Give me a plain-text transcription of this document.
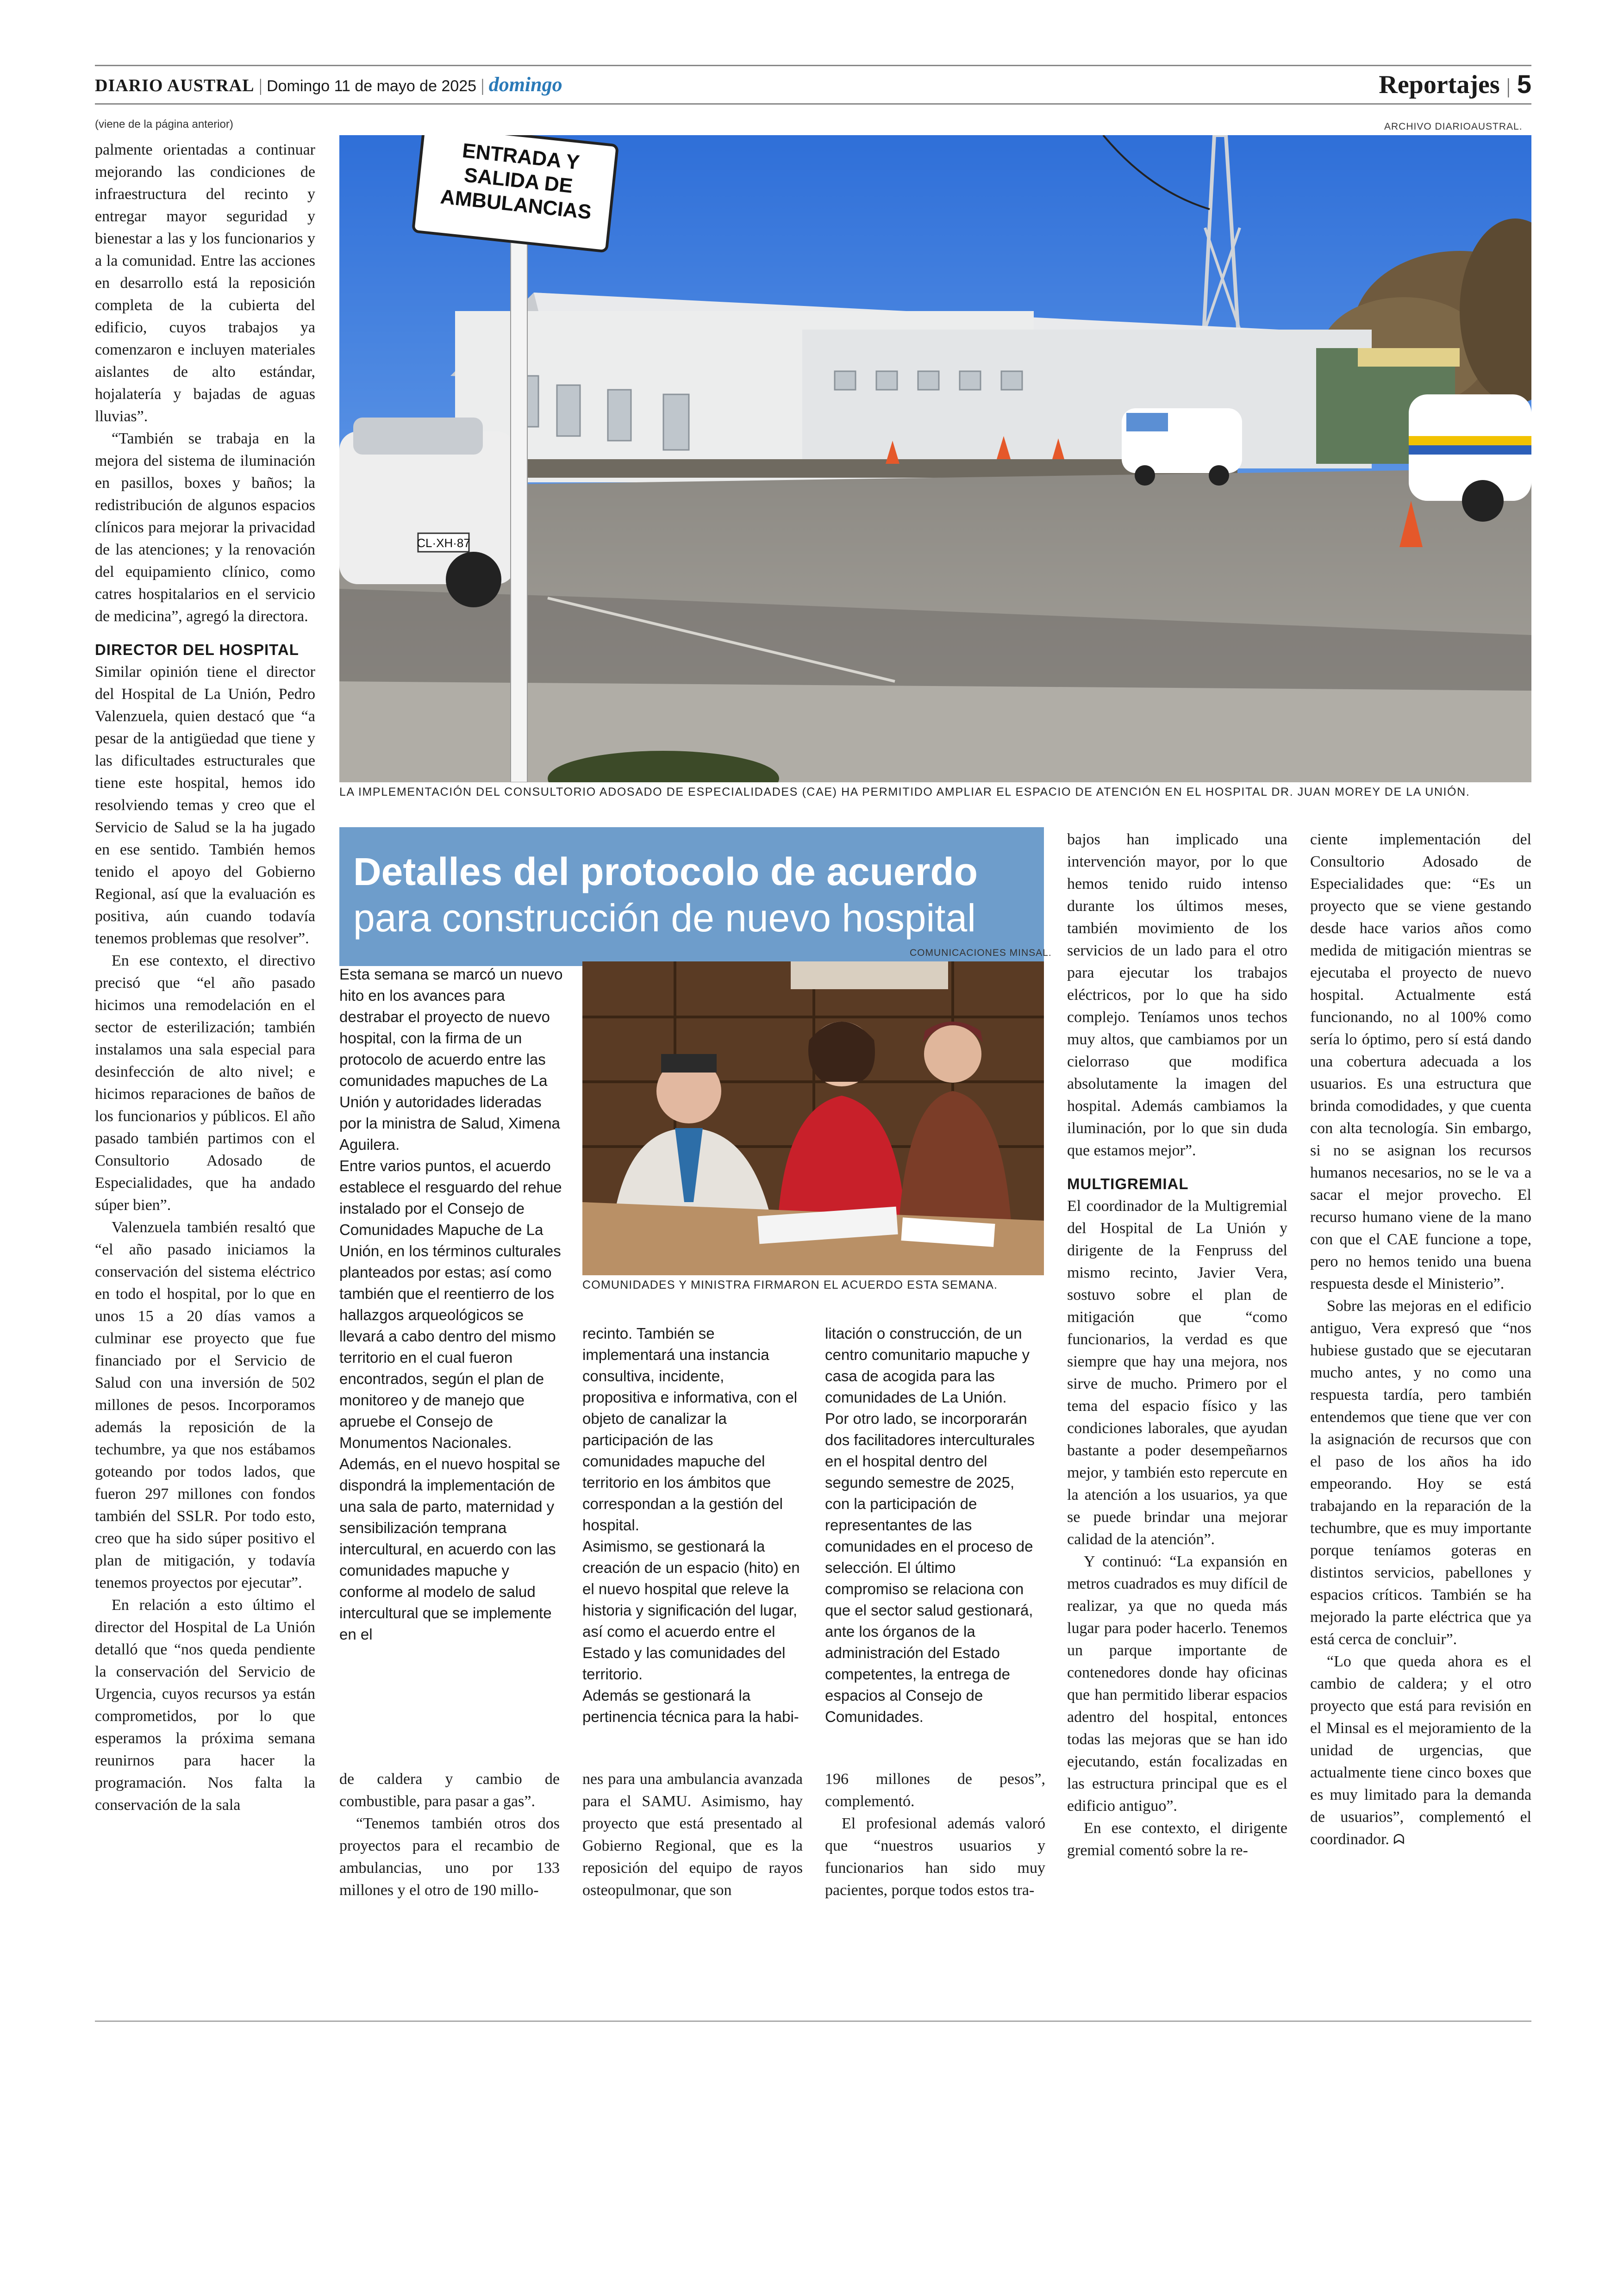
DIARIO AUSTRAL | Domingo 11 de mayo de 2025 | domingo	Reportajes | 5
(viene de la página anterior)	ARCHIVO DIARIOAUSTRAL.
CL·XH·87
ENTRADA Y SALIDA DE AMBULANCIAS
LA IMPLEMENTACIÓN DEL CONSULTORIO ADOSADO DE ESPECIALIDADES (CAE) HA PERMITIDO AMPLIAR EL ESPACIO DE ATENCIÓN EN EL HOSPITAL DR. JUAN MOREY DE LA UNIÓN.

palmente orientadas a continuar mejorando las condiciones de infraestructura del recinto y entregar mayor seguridad y bienestar a las y los funcionarios y a la comunidad. Entre las acciones en desarrollo está la reposición completa de la cubierta del edificio, cuyos trabajos ya comenzaron e incluyen materiales aislantes de alto estándar, hojalatería y bajadas de aguas lluvias”.

“También se trabaja en la mejora del sistema de iluminación en pasillos, boxes y baños; la redistribución de algunos espacios clínicos para mejorar la privacidad de las atenciones; y la renovación del equipamiento clínico, como catres hospitalarios en el servicio de medicina”, agregó la directora.

DIRECTOR DEL HOSPITAL

Similar opinión tiene el director del Hospital de La Unión, Pedro Valenzuela, quien destacó que “a pesar de la antigüedad que tiene y las dificultades estructurales que tiene este hospital, hemos ido resolviendo temas y creo que el Servicio de Salud se la ha jugado en ese sentido. También hemos tenido el apoyo del Gobierno Regional, así que la evaluación es positiva, aún cuando todavía tenemos problemas que resolver”.

En ese contexto, el directivo precisó que “el año pasado hicimos una remodelación en el sector de esterilización; también instalamos una sala especial para desinfección de alto nivel; e hicimos reparaciones de baños de los funcionarios y públicos. El año pasado también partimos con el Consultorio Adosado de Especialidades, que ha andado súper bien”.

Valenzuela también resaltó que “el año pasado iniciamos la conservación del sistema eléctrico en todo el hospital, por lo que en unos 15 a 20 días vamos a culminar ese proyecto que fue financiado por el Servicio de Salud con una inversión de 502 millones de pesos. Incorporamos además la reposición de la techumbre, ya que nos estábamos goteando por todos lados, que fueron 297 millones con fondos también del SSLR. Por todo esto, creo que ha sido súper positivo el plan de mitigación, y todavía tenemos proyectos por ejecutar”.

En relación a esto último el director del Hospital de La Unión detalló que “nos queda pendiente la conservación del Servicio de Urgencia, cuyos recursos ya están comprometidos, por lo que esperamos la próxima semana reunirnos para hacer la programación. Nos falta la conservación de la sala

Detalles del protocolo de acuerdo
para construcción de nuevo hospital
COMUNICACIONES MINSAL.

Esta semana se marcó un nuevo hito en los avances para destrabar el proyecto de nuevo hospital, con la firma de un protocolo de acuerdo entre las comunidades mapuches de La Unión y autoridades lideradas por la ministra de Salud, Ximena Aguilera.

Entre varios puntos, el acuerdo establece el resguardo del rehue instalado por el Consejo de Comunidades Mapuche de La Unión, en los términos culturales planteados por estas; así como también que el reentierro de los hallazgos arqueológicos se llevará a cabo dentro del mismo territorio en el cual fueron encontrados, según el plan de monitoreo y de manejo que apruebe el Consejo de Monumentos Nacionales.

Además, en el nuevo hospital se dispondrá la implementación de una sala de parto, maternidad y sensibilización temprana intercultural, en acuerdo con las comunidades mapuche y conforme al modelo de salud intercultural que se implemente en el

COMUNIDADES Y MINISTRA FIRMARON EL ACUERDO ESTA SEMANA.

recinto. También se implementará una instancia consultiva, incidente, propositiva e informativa, con el objeto de canalizar la participación de las comunidades mapuche del territorio en los ámbitos que correspondan a la gestión del hospital.

Asimismo, se gestionará la creación de un espacio (hito) en el nuevo hospital que releve la historia y significación del lugar, así como el acuerdo entre el Estado y las comunidades del territorio.

Además se gestionará la pertinencia técnica para la habi-

litación o construcción, de un centro comunitario mapuche y casa de acogida para las comunidades de La Unión.

Por otro lado, se incorporarán dos facilitadores interculturales en el hospital dentro del segundo semestre de 2025, con la participación de representantes de las comunidades en el proceso de selección. El último compromiso se relaciona con que el sector salud gestionará, ante los órganos de la administración del Estado competentes, la entrega de espacios al Consejo de Comunidades.

de caldera y cambio de combustible, para pasar a gas”.

“Tenemos también otros dos proyectos para el recambio de ambulancias, uno por 133 millones y el otro de 190 millo-

nes para una ambulancia avanzada para el SAMU. Asimismo, hay proyecto que está presentado al Gobierno Regional, que es la reposición del equipo de rayos osteopulmonar, que son

196 millones de pesos”, complementó.

El profesional además valoró que “nuestros usuarios y funcionarios han sido muy pacientes, porque todos estos tra-

bajos han implicado una intervención mayor, por lo que hemos tenido ruido intenso durante los últimos meses, también movimiento de los servicios de un lado para el otro para ejecutar los trabajos eléctricos, por lo que ha sido complejo. Teníamos unos techos muy altos, que cambiamos por un cielorraso que modifica absolutamente la imagen del hospital. Además cambiamos la iluminación, por lo que sin duda que estamos mejor”.

MULTIGREMIAL

El coordinador de la Multigremial del Hospital de La Unión y dirigente de la Fenpruss del mismo recinto, Javier Vera, sostuvo sobre el plan de mitigación que “como funcionarios, la verdad es que siempre que hay una mejora, nos sirve de mucho. Primero por el tema del espacio físico y las condiciones laborales, que ayudan bastante a poder desempeñarnos mejor, y también esto repercute en la atención a los usuarios, ya que se puede brindar una mejorar calidad de la atención”.

Y continuó: “La expansión en metros cuadrados es muy difícil de realizar, ya que no queda más lugar para poder hacerlo. Tenemos un parque importante de contenedores donde hay oficinas que han permitido liberar espacios adentro del hospital, entonces todas las mejoras que se han ido ejecutando, están focalizadas en las estructura principal que es el edificio antiguo”.

En ese contexto, el dirigente gremial comentó sobre la re-

ciente implementación del Consultorio Adosado de Especialidades que: “Es un proyecto que se viene gestando desde hace varios años como medida de mitigación mientras se ejecutaba el proyecto de nuevo hospital. Actualmente está funcionando, no al 100% como sería lo óptimo, pero sí está dando una cobertura adecuada a los usuarios. Es una estructura que brinda comodidades, y que cuenta con alta tecnología. Sin embargo, si no se asignan los recursos humanos necesarios, no se le va a sacar el mejor provecho. El recurso humano viene de la mano con que el CAE funcione a tope, pero no hemos tenido una buena respuesta desde el Ministerio”.

Sobre las mejoras en el edificio antiguo, Vera expresó que “nos hubiese gustado que se ejecutaran mucho antes, y no como una respuesta tardía, pero también entendemos que tiene que ver con la asignación de recursos que con el paso de los años ha ido empeorando. Hoy se está trabajando en la reparación de la techumbre, que es muy importante porque teníamos goteras en distintos servicios, pabellones y espacios críticos. También se ha mejorado la parte eléctrica que ya está cerca de concluir”.

“Lo que queda ahora es el cambio de caldera; y el otro proyecto que está para revisión en el Minsal es el mejoramiento de la unidad de urgencias, que actualmente tiene cinco boxes que es muy limitado para la demanda de usuarios”, complementó el coordinador. ᗣ
